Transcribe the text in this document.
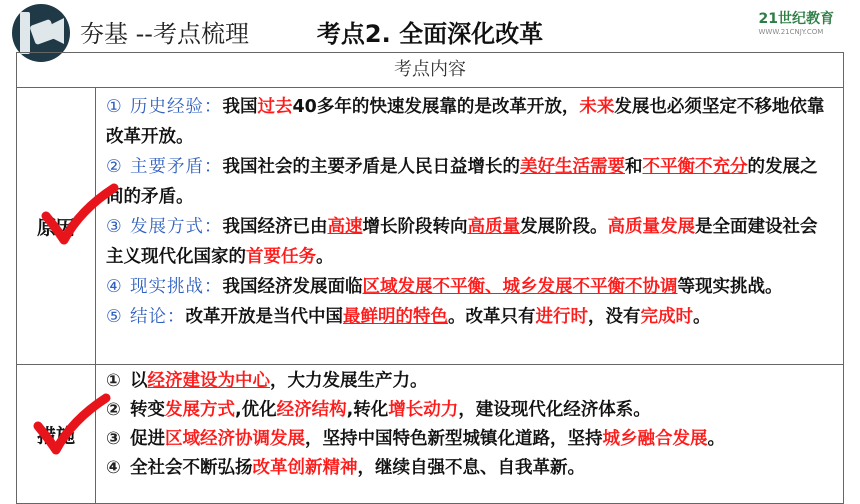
夯基 --考点梳理	考点2. 全面深化改革
21世纪教育
WWW.21CNJY.COM
考点内容	
原因	① 历史经验：我国过去40多年的快速发展靠的是改革开放，未来发展也必须坚定不移地依靠改革开放。
② 主要矛盾：我国社会的主要矛盾是人民日益增长的美好生活需要和不平衡不充分的发展之间的矛盾。
③ 发展方式：我国经济已由高速增长阶段转向高质量发展阶段。高质量发展是全面建设社会主义现代化国家的首要任务。
④ 现实挑战：我国经济发展面临区域发展不平衡、城乡发展不平衡不协调等现实挑战。
⑤ 结论：改革开放是当代中国最鲜明的特色。改革只有进行时，没有完成时。

措施	① 以经济建设为中心，大力发展生产力。
② 转变发展方式,优化经济结构,转化增长动力，建设现代化经济体系。
③ 促进区域经济协调发展，坚持中国特色新型城镇化道路，坚持城乡融合发展。
④ 全社会不断弘扬改革创新精神，继续自强不息、自我革新。
